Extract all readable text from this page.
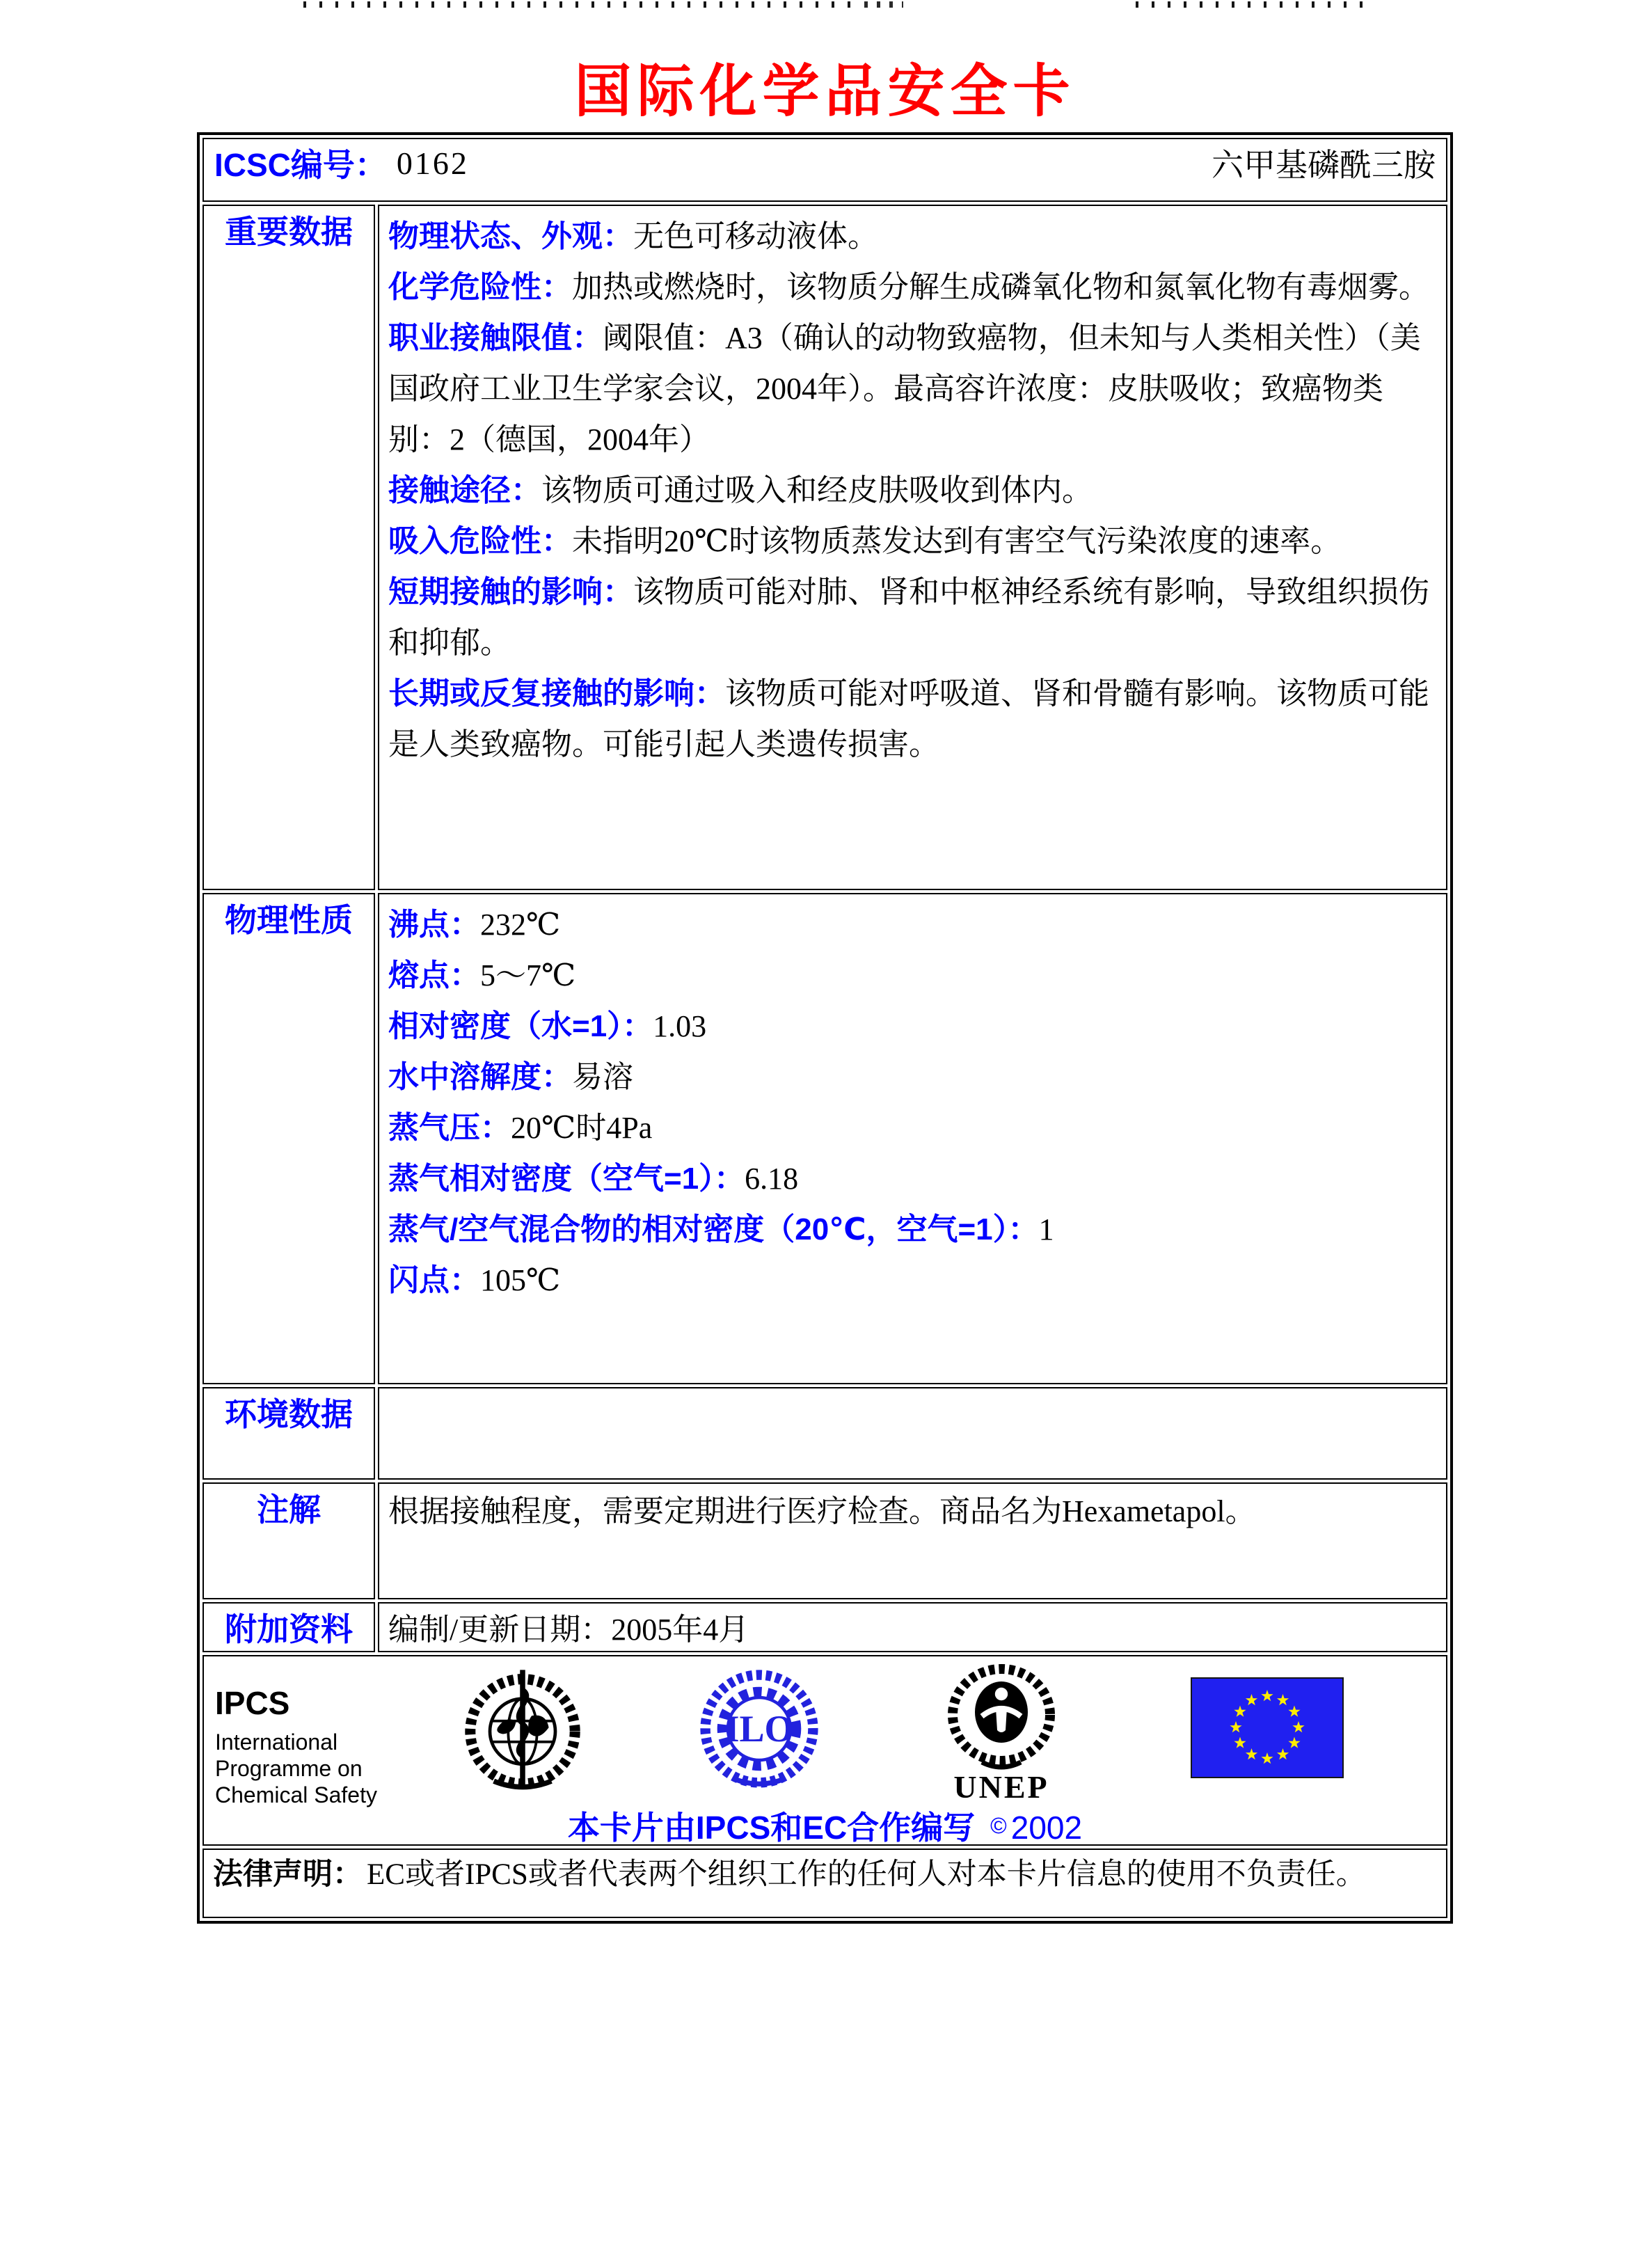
国际化学品安全卡
ICSC编号： 0162 六甲基磷酰三胺	

重要数据	物理状态、外观：无色可移动液体。

化学危险性：加热或燃烧时，该物质分解生成磷氧化物和氮氧化物有毒烟雾。

职业接触限值：阈限值：A3（确认的动物致癌物，但未知与人类相关性）（美国政府工业卫生学家会议，2004年）。最高容许浓度：皮肤吸收；致癌物类别：2（德国，2004年）

接触途径：该物质可通过吸入和经皮肤吸收到体内。

吸入危险性：未指明20℃时该物质蒸发达到有害空气污染浓度的速率。

短期接触的影响：该物质可能对肺、肾和中枢神经系统有影响，导致组织损伤和抑郁。

长期或反复接触的影响：该物质可能对呼吸道、肾和骨髓有影响。该物质可能是人类致癌物。可能引起人类遗传损害。

物理性质	沸点：232℃

熔点：5～7℃

相对密度（水=1）：1.03

水中溶解度：易溶

蒸气压：20℃时4Pa

蒸气相对密度（空气=1）：6.18

蒸气/空气混合物的相对密度（20℃，空气=1）：1

闪点：105℃

环境数据	

注解	根据接触程度，需要定期进行医疗检查。商品名为Hexametapol。

附加资料	编制/更新日期： 2005年4月

IPCS
International
Programme on
Chemical Safety
ILO
UNEP
本卡片由IPCS和EC合作编写 © 2002

法律声明： EC或者IPCS或者代表两个组织工作的任何人对本卡片信息的使用不负责任。	
